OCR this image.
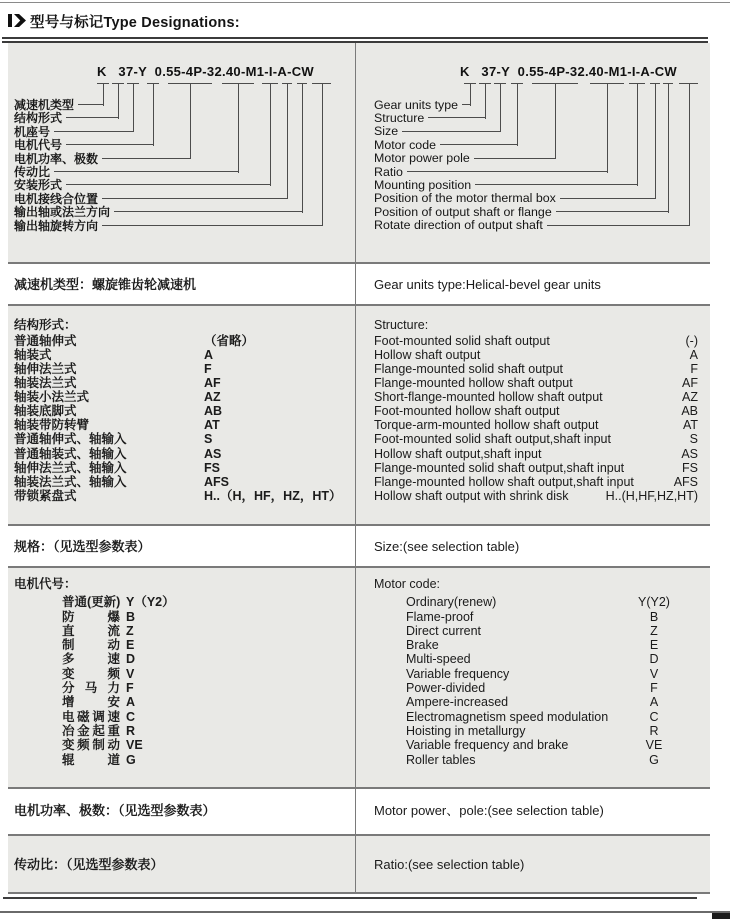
型号与标记Type Designations:
K   37-Y  0.55-4P-32.40-M1-I-A-CW
减速机类型
结构形式
机座号
电机代号
电机功率、极数
传动比
安装形式
电机接线合位置
输出轴或法兰方向
输出轴旋转方向
K   37-Y  0.55-4P-32.40-M1-I-A-CW
Gear units type
Structure
Size
Motor code
Motor power pole
Ratio
Mounting position
Position of the motor thermal box
Position of output shaft or flange
Rotate direction of output shaft
减速机类型：螺旋锥齿轮减速机	Gear units type:Helical-bevel gear units
规格：（见选型参数表）	Size:(see selection table)
电机功率、极数：（见选型参数表）	Motor power、pole:(see selection table)
传动比：（见选型参数表）	Ratio:(see selection table)
结构形式：
普通轴伸式	（省略）
轴装式	A
轴伸法兰式	F
轴装法兰式	AF
轴装小法兰式	AZ
轴装底脚式	AB
轴装带防转臂	AT
普通轴伸式、轴输入	S
普通轴装式、轴输入	AS
轴伸法兰式、轴输入	FS
轴装法兰式、轴输入	AFS
带锁紧盘式	H..（H，HF，HZ，HT）
Structure:
Foot-mounted solid shaft output	(-)
Hollow shaft output	A
Flange-mounted solid shaft output	F
Flange-mounted hollow shaft output	AF
Short-flange-mounted hollow shaft output	AZ
Foot-mounted hollow shaft output	AB
Torque-arm-mounted hollow shaft output	AT
Foot-mounted solid shaft output,shaft input	S
Hollow shaft output,shaft input	AS
Flange-mounted solid shaft output,shaft input	FS
Flange-mounted hollow shaft output,shaft input	AFS
Hollow shaft output with shrink disk	H..(H,HF,HZ,HT)
电机代号：
普通(更新) Y（Y2）
防爆 B
直流 Z
制动 E
多速 D
变频 V
分马力 F
增安 A
电磁调速 C
冶金起重 R
变频制动 VE
辊道 G
Motor code:
Ordinary(renew)	Y(Y2)
Flame-proof	B
Direct current	Z
Brake	E
Multi-speed	D
Variable frequency	V
Power-divided	F
Ampere-increased	A
Electromagnetism speed modulation	C
Hoisting in metallurgy	R
Variable frequency and brake	VE
Roller tables	G
